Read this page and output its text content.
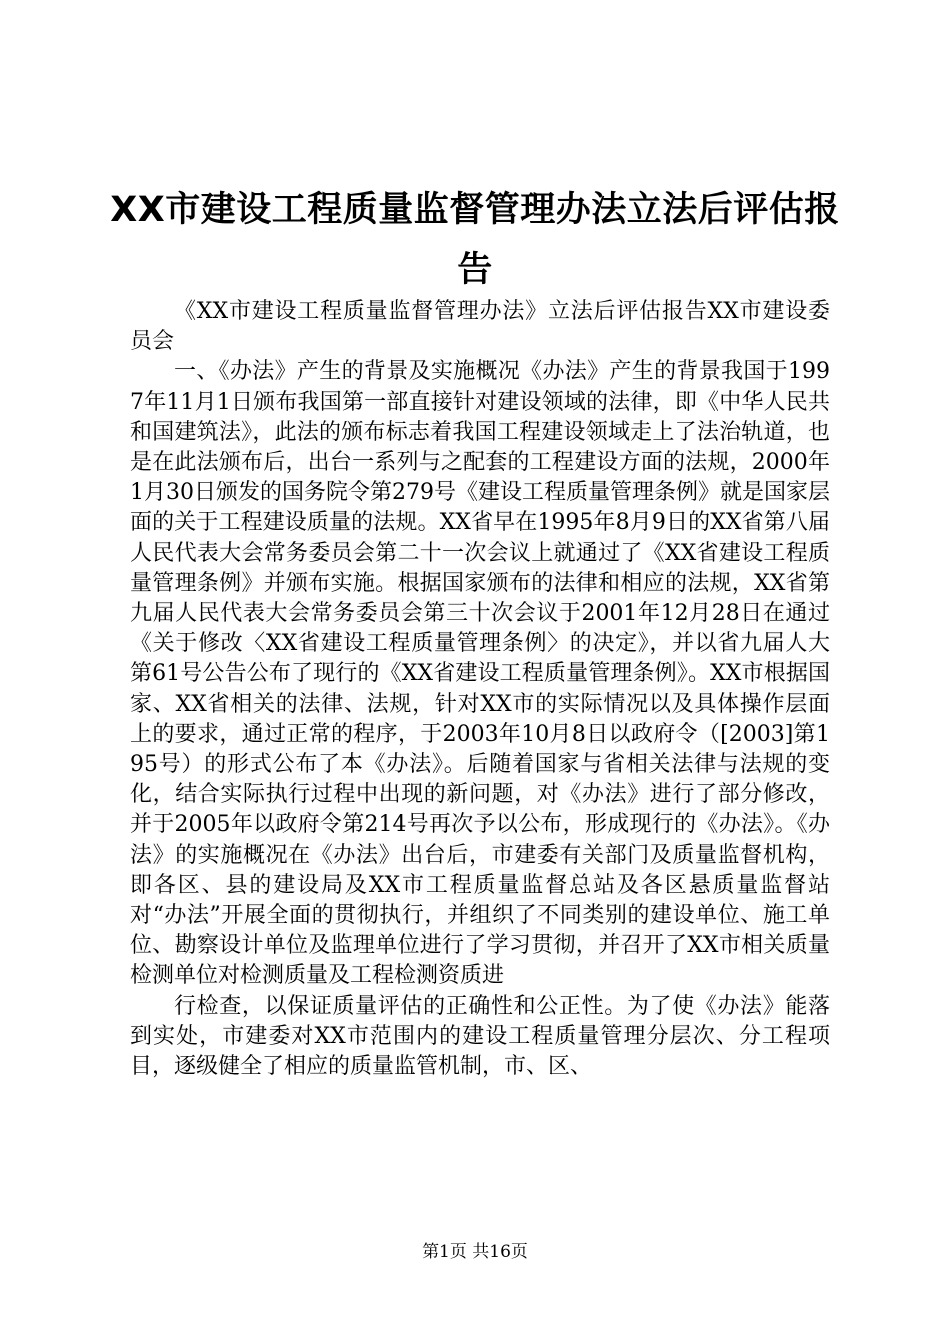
XX市建设工程质量监督管理办法立法后评估报告

《XX市建设工程质量监督管理办法》立法后评估报告XX市建设委员会

一、《办法》产生的背景及实施概况《办法》产生的背景我国于1997年11月1日颁布我国第一部直接针对建设领域的法律，即《中华人民共和国建筑法》，此法的颁布标志着我国工程建设领域走上了法治轨道，也是在此法颁布后，出台一系列与之配套的工程建设方面的法规，2000年1月30日颁发的国务院令第279号《建设工程质量管理条例》就是国家层面的关于工程建设质量的法规。XX省早在1995年8月9日的XX省第八届人民代表大会常务委员会第二十一次会议上就通过了《XX省建设工程质量管理条例》并颁布实施。根据国家颁布的法律和相应的法规，XX省第九届人民代表大会常务委员会第三十次会议于2001年12月28日在通过《关于修改〈XX省建设工程质量管理条例〉的决定》，并以省九届人大第61号公告公布了现行的《XX省建设工程质量管理条例》。XX市根据国家、XX省相关的法律、法规，针对XX市的实际情况以及具体操作层面上的要求，通过正常的程序，于2003年10月8日以政府令（[2003]第195号）的形式公布了本《办法》。后随着国家与省相关法律与法规的变化，结合实际执行过程中出现的新问题，对《办法》进行了部分修改，并于2005年以政府令第214号再次予以公布，形成现行的《办法》。《办法》的实施概况在《办法》出台后，市建委有关部门及质量监督机构，即各区、县的建设局及XX市工程质量监督总站及各区悬质量监督站对“办法”开展全面的贯彻执行，并组织了不同类别的建设单位、施工单位、勘察设计单位及监理单位进行了学习贯彻，并召开了XX市相关质量检测单位对检测质量及工程检测资质进

行检查，以保证质量评估的正确性和公正性。为了使《办法》能落到实处，市建委对XX市范围内的建设工程质量管理分层次、分工程项目，逐级健全了相应的质量监管机制，市、区、

第1页 共16页
